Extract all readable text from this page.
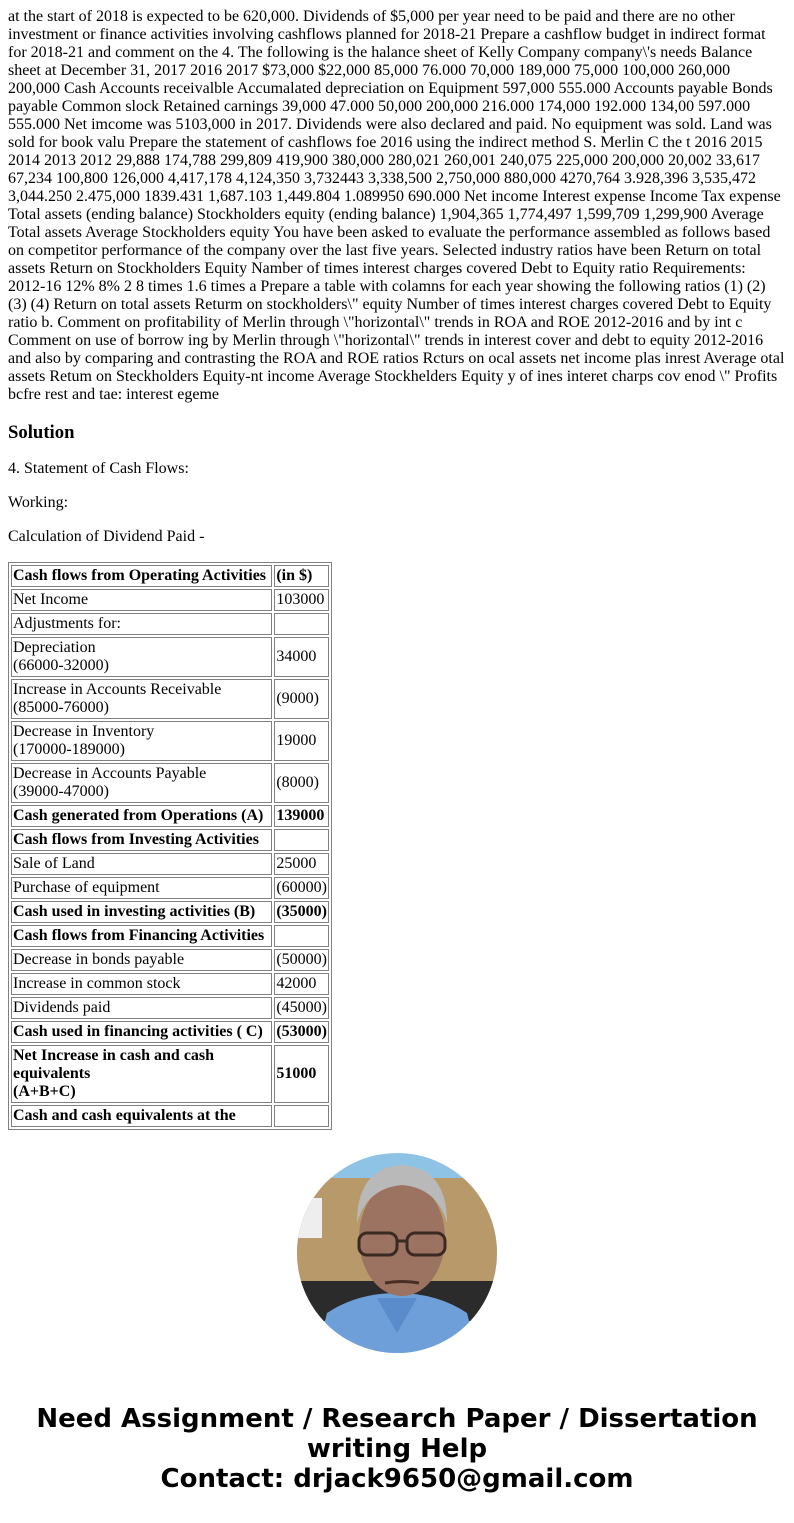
at the start of 2018 is expected to be 620,000. Dividends of $5,000 per year need to be paid and there are no other investment or finance activities involving cashflows planned for 2018-21 Prepare a cashflow budget in indirect format for 2018-21 and comment on the 4. The following is the halance sheet of Kelly Company company\'s needs Balance sheet at December 31, 2017 2016 2017 $73,000 $22,000 85,000 76.000 70,000 189,000 75,000 100,000 260,000 200,000 Cash Accounts receivalble Accumalated depreciation on Equipment 597,000 555.000 Accounts payable Bonds payable Common slock Retained carnings 39,000 47.000 50,000 200,000 216.000 174,000 192.000 134,00 597.000 555.000 Net imcome was 5103,000 in 2017. Dividends were also declared and paid. No equipment was sold. Land was sold for book valu Prepare the statement of cashflows foe 2016 using the indirect method S. Merlin C the t 2016 2015 2014 2013 2012 29,888 174,788 299,809 419,900 380,000 280,021 260,001 240,075 225,000 200,000 20,002 33,617 67,234 100,800 126,000 4,417,178 4,124,350 3,732443 3,338,500 2,750,000 880,000 4270,764 3.928,396 3,535,472 3,044.250 2.475,000 1839.431 1,687.103 1,449.804 1.089950 690.000 Net income Interest expense Income Tax expense Total assets (ending balance) Stockholders equity (ending balance) 1,904,365 1,774,497 1,599,709 1,299,900 Average Total assets Average Stockholders equity You have been asked to evaluate the performance assembled as follows based on competitor performance of the company over the last five years. Selected industry ratios have been Return on total assets Return on Stockholders Equity Namber of times interest charges covered Debt to Equity ratio Requirements: 2012-16 12% 8% 2 8 times 1.6 times a Prepare a table with colamns for each year showing the following ratios (1) (2) (3) (4) Return on total assets Returm on stockholders\" equity Number of times interest charges covered Debt to Equity ratio b. Comment on profitability of Merlin through \"horizontal\" trends in ROA and ROE 2012-2016 and by int c Comment on use of borrow ing by Merlin through \"horizontal\" trends in interest cover and debt to equity 2012-2016 and also by comparing and contrasting the ROA and ROE ratios Rcturs on ocal assets net income plas inrest Average otal assets Retum on Steckholders Equity-nt income Average Stockhelders Equity y of ines interet charps cov enod \" Profits bcfre rest and tae: interest egeme

Solution

4. Statement of Cash Flows:

Working:

Calculation of Dividend Paid -

Cash flows from Operating Activities	(in $)
Net Income	103000
Adjustments for:	
Depreciation
(66000-32000)	34000
Increase in Accounts Receivable
(85000-76000)	(9000)
Decrease in Inventory
(170000-189000)	19000
Decrease in Accounts Payable
(39000-47000)	(8000)
Cash generated from Operations (A)	139000
Cash flows from Investing Activities	
Sale of Land	25000
Purchase of equipment	(60000)
Cash used in investing activities (B)	(35000)
Cash flows from Financing Activities	
Decrease in bonds payable	(50000)
Increase in common stock	42000
Dividends paid	(45000)
Cash used in financing activities ( C)	(53000)
Net Increase in cash and cash
equivalents
(A+B+C)	51000
Cash and cash equivalents at the	
Need Assignment / Research Paper / Dissertation
writing Help
Contact: drjack9650@gmail.com
